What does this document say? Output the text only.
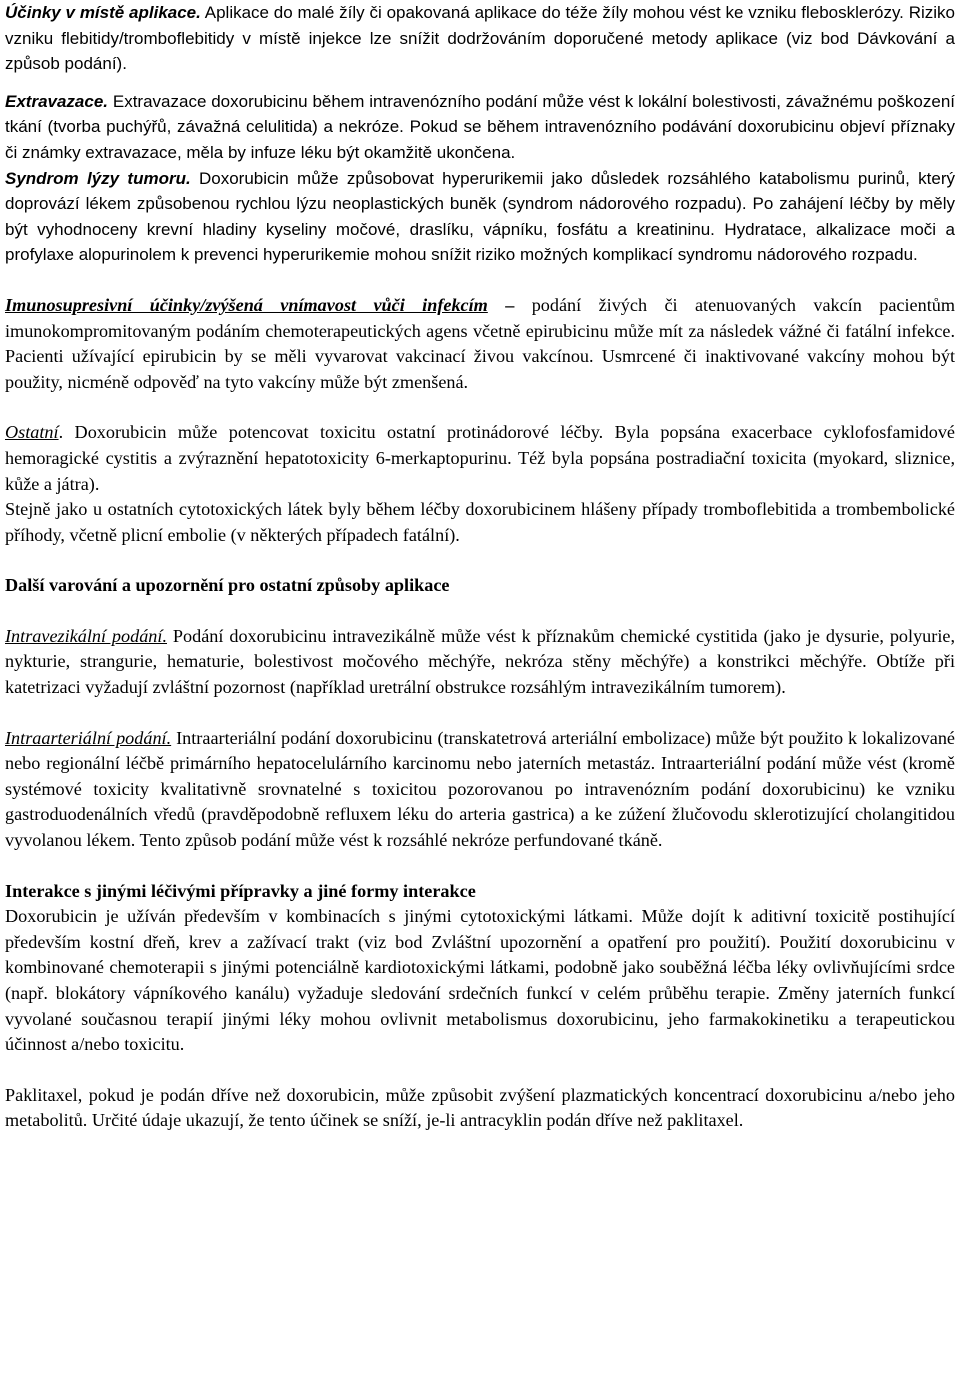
Účinky v místě aplikace. Aplikace do malé žíly či opakovaná aplikace do téže žíly mohou vést ke vzniku flebosklerózy. Riziko vzniku flebitidy/tromboflebitidy v místě injekce lze snížit dodržováním doporučené metody aplikace (viz bod Dávkování a způsob podání).

Extravazace. Extravazace doxorubicinu během intravenózního podání může vést k lokální bolestivosti, závažnému poškození tkání (tvorba puchýřů, závažná celulitida) a nekróze. Pokud se během intravenózního podávání doxorubicinu objeví příznaky či známky extravazace, měla by infuze léku být okamžitě ukončena.

Syndrom lýzy tumoru. Doxorubicin může způsobovat hyperurikemii jako důsledek rozsáhlého katabolismu purinů, který doprovází lékem způsobenou rychlou lýzu neoplastických buněk (syndrom nádorového rozpadu). Po zahájení léčby by měly být vyhodnoceny krevní hladiny kyseliny močové, draslíku, vápníku, fosfátu a kreatininu. Hydratace, alkalizace moči a profylaxe alopurinolem k prevenci hyperurikemie mohou snížit riziko možných komplikací syndromu nádorového rozpadu.

Imunosupresivní účinky/zvýšená vnímavost vůči infekcím – podání živých či atenuovaných vakcín pacientům imunokompromitovaným podáním chemoterapeutických agens včetně epirubicinu může mít za následek vážné či fatální infekce. Pacienti užívající epirubicin by se měli vyvarovat vakcinací živou vakcínou. Usmrcené či inaktivované vakcíny mohou být použity, nicméně odpověď na tyto vakcíny může být zmenšená.

Ostatní. Doxorubicin může potencovat toxicitu ostatní protinádorové léčby. Byla popsána exacerbace cyklofosfamidové hemoragické cystitis a zvýraznění hepatotoxicity 6-merkaptopurinu. Též byla popsána postradiační toxicita (myokard, sliznice, kůže a játra).

Stejně jako u ostatních cytotoxických látek byly během léčby doxorubicinem hlášeny případy tromboflebitida a trombembolické příhody, včetně plicní embolie (v některých případech fatální).

Další varování a upozornění pro ostatní způsoby aplikace

Intravezikální podání. Podání doxorubicinu intravezikálně může vést k příznakům chemické cystitida (jako je dysurie, polyurie, nykturie, strangurie, hematurie, bolestivost močového měchýře, nekróza stěny měchýře) a konstrikci měchýře. Obtíže při katetrizaci vyžadují zvláštní pozornost (například uretrální obstrukce rozsáhlým intravezikálním tumorem).

Intraarteriální podání. Intraarteriální podání doxorubicinu (transkatetrová arteriální embolizace) může být použito k lokalizované nebo regionální léčbě primárního hepatocelulárního karcinomu nebo jaterních metastáz. Intraarteriální podání může vést (kromě systémové toxicity kvalitativně srovnatelné s toxicitou pozorovanou po intravenózním podání doxorubicinu) ke vzniku gastroduodenálních vředů (pravděpodobně refluxem léku do arteria gastrica) a ke zúžení žlučovodu sklerotizující cholangitidou vyvolanou lékem. Tento způsob podání může vést k rozsáhlé nekróze perfundované tkáně.

Interakce s jinými léčivými přípravky a jiné formy interakce

Doxorubicin je užíván především v kombinacích s jinými cytotoxickými látkami. Může dojít k aditivní toxicitě postihující především kostní dřeň, krev a zažívací trakt (viz bod Zvláštní upozornění a opatření pro použití). Použití doxorubicinu v kombinované chemoterapii s jinými potenciálně kardiotoxickými látkami, podobně jako souběžná léčba léky ovlivňujícími srdce (např. blokátory vápníkového kanálu) vyžaduje sledování srdečních funkcí v celém průběhu terapie. Změny jaterních funkcí vyvolané současnou terapií jinými léky mohou ovlivnit metabolismus doxorubicinu, jeho farmakokinetiku a terapeutickou účinnost a/nebo toxicitu.

Paklitaxel, pokud je podán dříve než doxorubicin, může způsobit zvýšení plazmatických koncentrací doxorubicinu a/nebo jeho metabolitů. Určité údaje ukazují, že tento účinek se sníží, je-li antracyklin podán dříve než paklitaxel.
